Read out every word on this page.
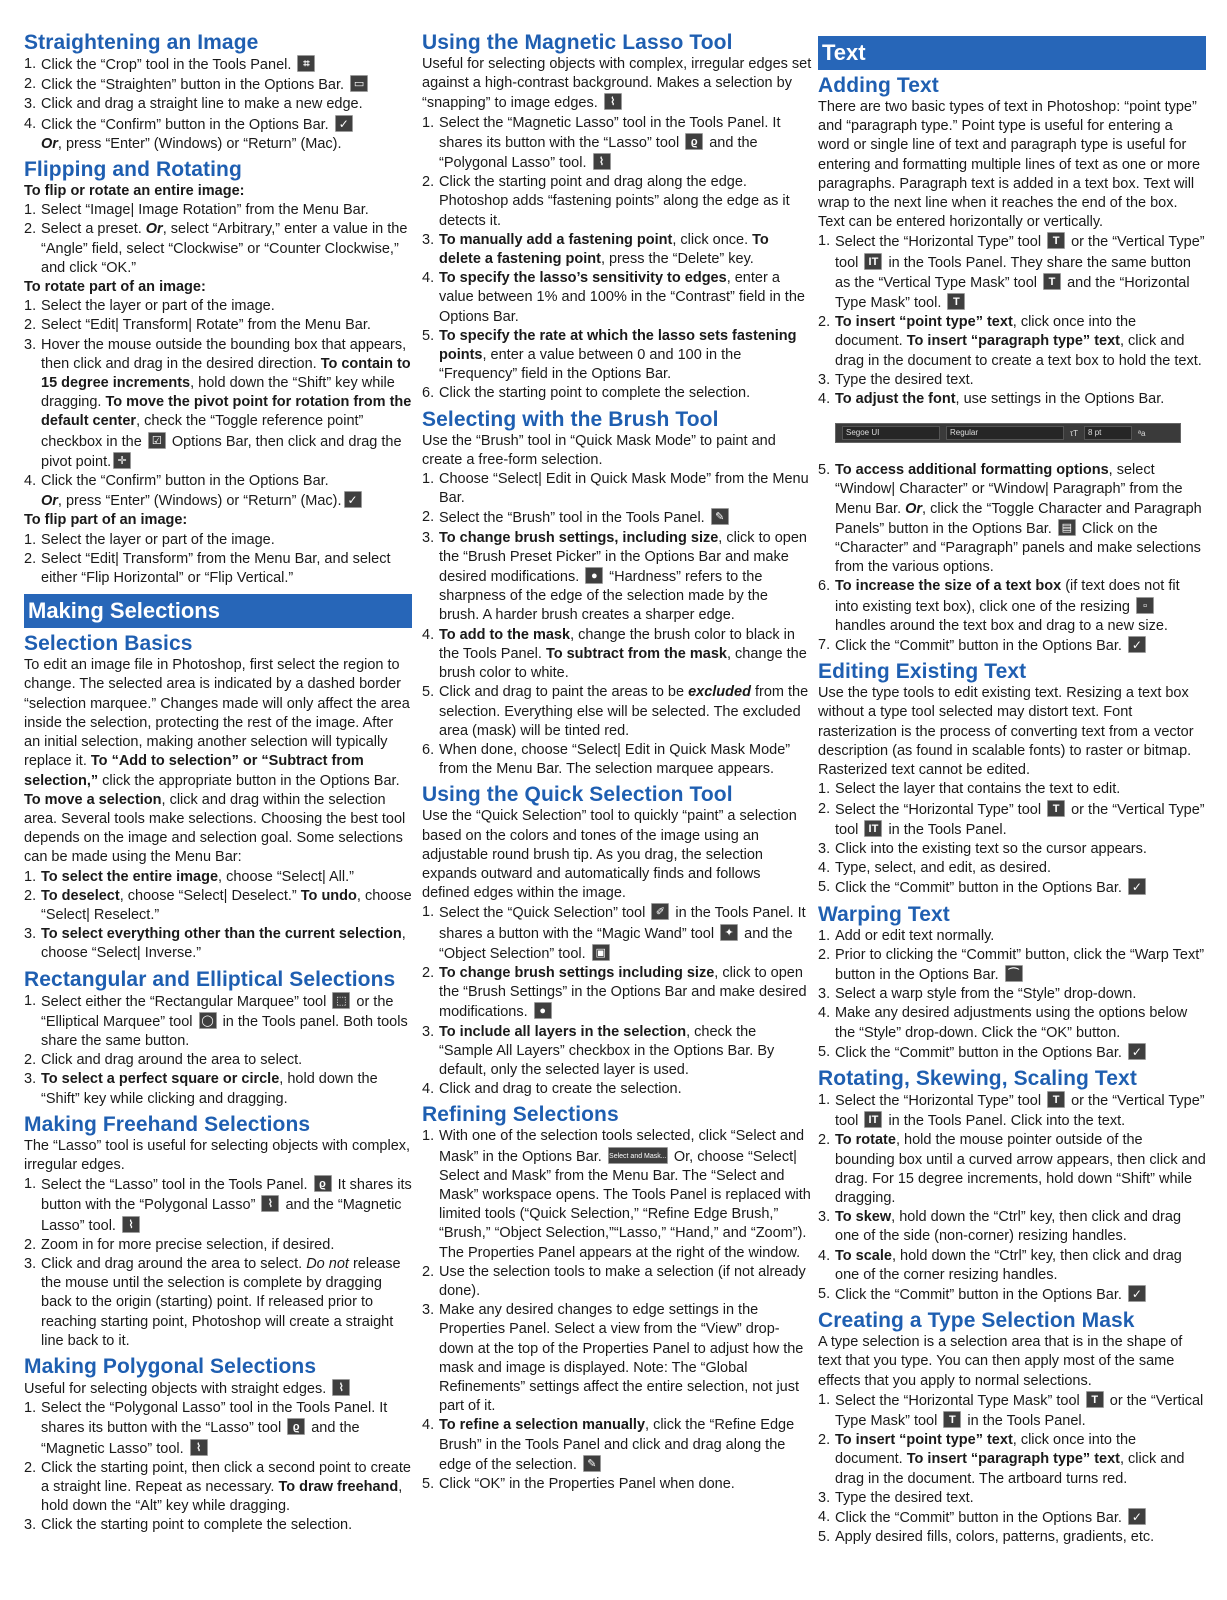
Straightening an Image
1. Click the “Crop” tool in the Tools Panel. ⌗
2. Click the “Straighten” button in the Options Bar. ▭
3. Click and drag a straight line to make a new edge.
4. Click the “Confirm” button in the Options Bar. ✓
Or, press “Enter” (Windows) or “Return” (Mac).
Flipping and Rotating
To flip or rotate an entire image:
1. Select “Image| Image Rotation” from the Menu Bar.
2. Select a preset. Or, select “Arbitrary,” enter a value in the “Angle” field, select “Clockwise” or “Counter Clockwise,” and click “OK.”
To rotate part of an image:
1. Select the layer or part of the image.
2. Select “Edit| Transform| Rotate” from the Menu Bar.
3. Hover the mouse outside the bounding box that appears, then click and drag in the desired direction. To contain to 15 degree increments, hold down the “Shift” key while dragging. To move the pivot point for rotation from the default center, check the “Toggle reference point” checkbox in the ☑ Options Bar, then click and drag the pivot point. ✛
4. Click the “Confirm” button in the Options Bar.
Or, press “Enter” (Windows) or “Return” (Mac). ✓
To flip part of an image:
1. Select the layer or part of the image.
2. Select “Edit| Transform” from the Menu Bar, and select either “Flip Horizontal” or “Flip Vertical.”
Making Selections
Selection Basics
To edit an image file in Photoshop, first select the region to change. The selected area is indicated by a dashed border “selection marquee.” Changes made will only affect the area inside the selection, protecting the rest of the image. After an initial selection, making another selection will typically replace it. To “Add to selection” or “Subtract from selection,” click the appropriate button in the Options Bar. To move a selection, click and drag within the selection area. Several tools make selections. Choosing the best tool depends on the image and selection goal. Some selections can be made using the Menu Bar:
1. To select the entire image, choose “Select| All.”
2. To deselect, choose “Select| Deselect.” To undo, choose “Select| Reselect.”
3. To select everything other than the current selection, choose “Select| Inverse.”
Rectangular and Elliptical Selections
1. Select either the “Rectangular Marquee” tool ⬚ or the “Elliptical Marquee” tool ◯ in the Tools panel. Both tools share the same button.
2. Click and drag around the area to select.
3. To select a perfect square or circle, hold down the “Shift” key while clicking and dragging.
Making Freehand Selections
The “Lasso” tool is useful for selecting objects with complex, irregular edges.
1. Select the “Lasso” tool in the Tools Panel. ϱ It shares its button with the “Polygonal Lasso” ⌇ and the “Magnetic Lasso” tool. ⌇
2. Zoom in for more precise selection, if desired.
3. Click and drag around the area to select. Do not release the mouse until the selection is complete by dragging back to the origin (starting) point. If released prior to reaching starting point, Photoshop will create a straight line back to it.
Making Polygonal Selections
Useful for selecting objects with straight edges. ⌇
1. Select the “Polygonal Lasso” tool in the Tools Panel. It shares its button with the “Lasso” tool ϱ and the “Magnetic Lasso” tool. ⌇
2. Click the starting point, then click a second point to create a straight line. Repeat as necessary. To draw freehand, hold down the “Alt” key while dragging.
3. Click the starting point to complete the selection.
Using the Magnetic Lasso Tool
Useful for selecting objects with complex, irregular edges set against a high-contrast background. Makes a selection by “snapping” to image edges. ⌇
1. Select the “Magnetic Lasso” tool in the Tools Panel. It shares its button with the “Lasso” tool ϱ and the “Polygonal Lasso” tool. ⌇
2. Click the starting point and drag along the edge. Photoshop adds “fastening points” along the edge as it detects it.
3. To manually add a fastening point, click once. To delete a fastening point, press the “Delete” key.
4. To specify the lasso’s sensitivity to edges, enter a value between 1% and 100% in the “Contrast” field in the Options Bar.
5. To specify the rate at which the lasso sets fastening points, enter a value between 0 and 100 in the “Frequency” field in the Options Bar.
6. Click the starting point to complete the selection.
Selecting with the Brush Tool
Use the “Brush” tool in “Quick Mask Mode” to paint and create a free-form selection.
1. Choose “Select| Edit in Quick Mask Mode” from the Menu Bar.
2. Select the “Brush” tool in the Tools Panel. ✎
3. To change brush settings, including size, click to open the “Brush Preset Picker” in the Options Bar and make desired modifications. ● “Hardness” refers to the sharpness of the edge of the selection made by the brush. A harder brush creates a sharper edge.
4. To add to the mask, change the brush color to black in the Tools Panel. To subtract from the mask, change the brush color to white.
5. Click and drag to paint the areas to be excluded from the selection. Everything else will be selected. The excluded area (mask) will be tinted red.
6. When done, choose “Select| Edit in Quick Mask Mode” from the Menu Bar. The selection marquee appears.
Using the Quick Selection Tool
Use the “Quick Selection” tool to quickly “paint” a selection based on the colors and tones of the image using an adjustable round brush tip. As you drag, the selection expands outward and automatically finds and follows defined edges within the image.
1. Select the “Quick Selection” tool ✐ in the Tools Panel. It shares a button with the “Magic Wand” tool ✦ and the “Object Selection” tool. ▣
2. To change brush settings including size, click to open the “Brush Settings” in the Options Bar and make desired modifications. ●
3. To include all layers in the selection, check the “Sample All Layers” checkbox in the Options Bar. By default, only the selected layer is used.
4. Click and drag to create the selection.
Refining Selections
1. With one of the selection tools selected, click “Select and Mask” in the Options Bar. Select and Mask... Or, choose “Select| Select and Mask” from the Menu Bar. The “Select and Mask” workspace opens. The Tools Panel is replaced with limited tools (“Quick Selection,” “Refine Edge Brush,” “Brush,” “Object Selection,”“Lasso,” “Hand,” and “Zoom”). The Properties Panel appears at the right of the window.
2. Use the selection tools to make a selection (if not already done).
3. Make any desired changes to edge settings in the Properties Panel. Select a view from the “View” drop-down at the top of the Properties Panel to adjust how the mask and image is displayed. Note: The “Global Refinements” settings affect the entire selection, not just part of it.
4. To refine a selection manually, click the “Refine Edge Brush” in the Tools Panel and click and drag along the edge of the selection. ✎
5. Click “OK” in the Properties Panel when done.
Text
Adding Text
There are two basic types of text in Photoshop: “point type” and “paragraph type.” Point type is useful for entering a word or single line of text and paragraph type is useful for entering and formatting multiple lines of text as one or more paragraphs. Paragraph text is added in a text box. Text will wrap to the next line when it reaches the end of the box. Text can be entered horizontally or vertically.
1. Select the “Horizontal Type” tool T or the “Vertical Type” tool IT in the Tools Panel. They share the same button as the “Vertical Type Mask” tool T and the “Horizontal Type Mask” tool. T
2. To insert “point type” text, click once into the document. To insert “paragraph type” text, click and drag in the document to create a text box to hold the text.
3. Type the desired text.
4. To adjust the font, use settings in the Options Bar.
Segoe UI	Regular	τT	8 pt	ªa
5. To access additional formatting options, select “Window| Character” or “Window| Paragraph” from the Menu Bar. Or, click the “Toggle Character and Paragraph Panels” button in the Options Bar. ▤ Click on the “Character” and “Paragraph” panels and make selections from the various options.
6. To increase the size of a text box (if text does not fit into existing text box), click one of the resizing ▫ handles around the text box and drag to a new size.
7. Click the “Commit” button in the Options Bar. ✓
Editing Existing Text
Use the type tools to edit existing text. Resizing a text box without a type tool selected may distort text. Font rasterization is the process of converting text from a vector description (as found in scalable fonts) to raster or bitmap. Rasterized text cannot be edited.
1. Select the layer that contains the text to edit.
2. Select the “Horizontal Type” tool T or the “Vertical Type” tool IT in the Tools Panel.
3. Click into the existing text so the cursor appears.
4. Type, select, and edit, as desired.
5. Click the “Commit” button in the Options Bar. ✓
Warping Text
1. Add or edit text normally.
2. Prior to clicking the “Commit” button, click the “Warp Text” button in the Options Bar. ⌒
3. Select a warp style from the “Style” drop-down.
4. Make any desired adjustments using the options below the “Style” drop-down. Click the “OK” button.
5. Click the “Commit” button in the Options Bar. ✓
Rotating, Skewing, Scaling Text
1. Select the “Horizontal Type” tool T or the “Vertical Type” tool IT in the Tools Panel. Click into the text.
2. To rotate, hold the mouse pointer outside of the bounding box until a curved arrow appears, then click and drag. For 15 degree increments, hold down “Shift” while dragging.
3. To skew, hold down the “Ctrl” key, then click and drag one of the side (non-corner) resizing handles.
4. To scale, hold down the “Ctrl” key, then click and drag one of the corner resizing handles.
5. Click the “Commit” button in the Options Bar. ✓
Creating a Type Selection Mask
A type selection is a selection area that is in the shape of text that you type. You can then apply most of the same effects that you apply to normal selections.
1. Select the “Horizontal Type Mask” tool T or the “Vertical Type Mask” tool T in the Tools Panel.
2. To insert “point type” text, click once into the document. To insert “paragraph type” text, click and drag in the document. The artboard turns red.
3. Type the desired text.
4. Click the “Commit” button in the Options Bar. ✓
5. Apply desired fills, colors, patterns, gradients, etc.
